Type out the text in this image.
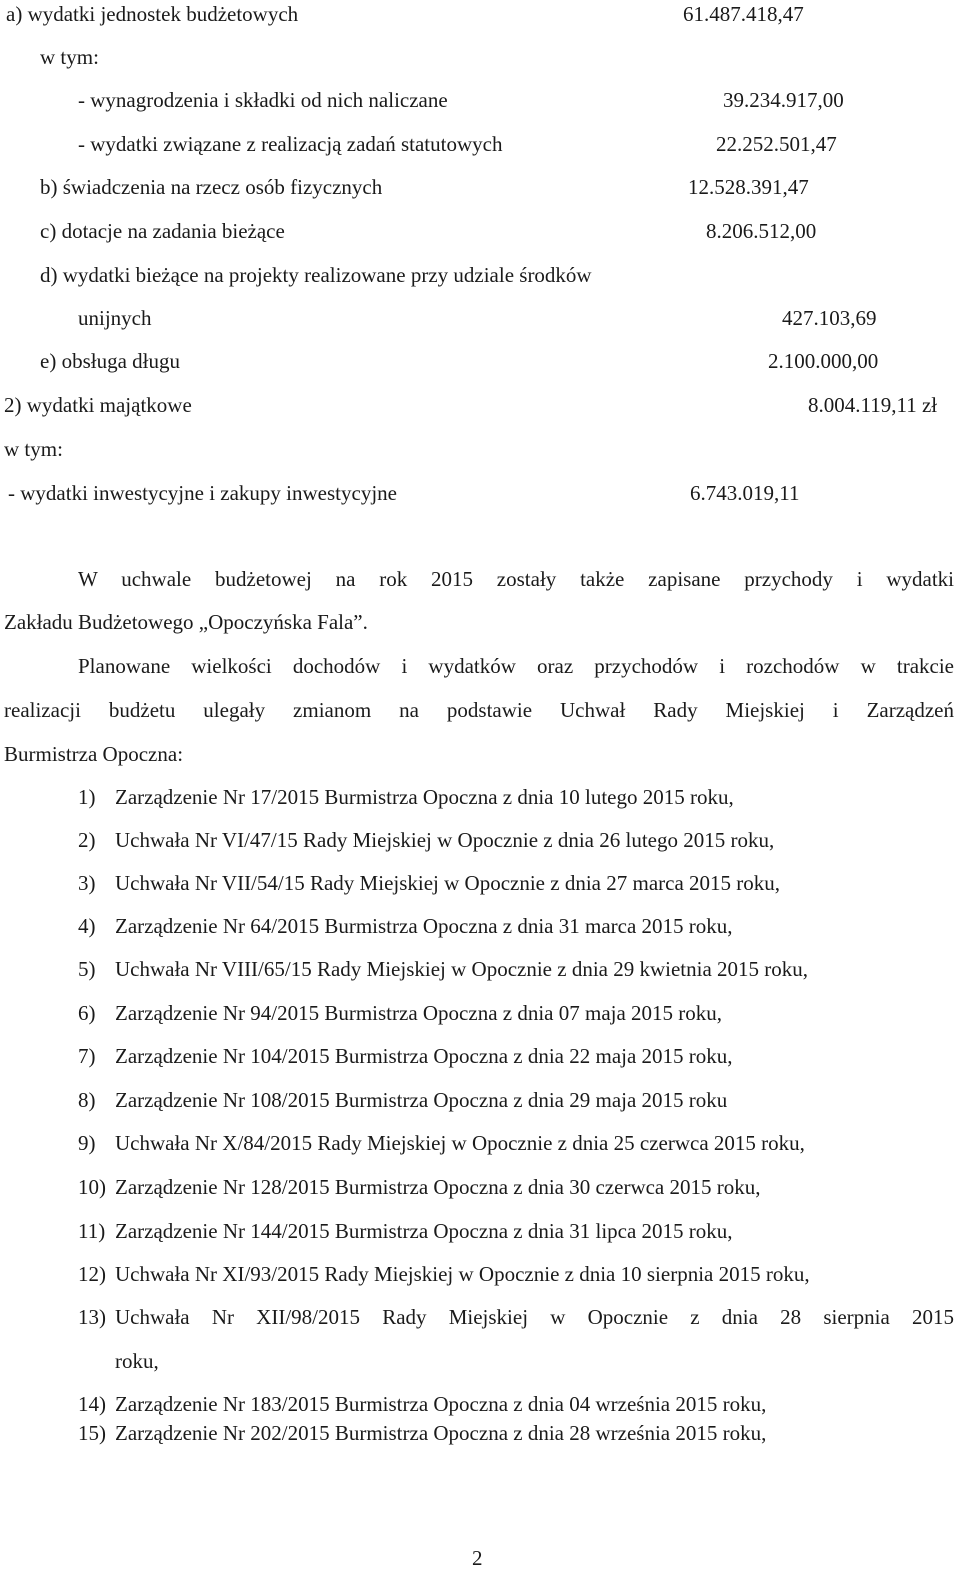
a) wydatki jednostek budżetowych	61.487.418,47
w tym:
- wynagrodzenia i składki od nich naliczane	39.234.917,00
- wydatki związane z realizacją zadań statutowych	22.252.501,47
b) świadczenia na rzecz osób fizycznych	12.528.391,47
c) dotacje na zadania bieżące	8.206.512,00
d) wydatki bieżące na projekty realizowane przy udziale środków
unijnych	427.103,69
e) obsługa długu	2.100.000,00
2) wydatki majątkowe	8.004.119,11 zł
w tym:
- wydatki inwestycyjne i zakupy inwestycyjne	6.743.019,11
W uchwale budżetowej na rok 2015 zostały także zapisane przychody i wydatki
Zakładu Budżetowego „Opoczyńska Fala”.
Planowane wielkości dochodów i wydatków oraz przychodów i rozchodów w trakcie
realizacji budżetu ulegały zmianom na podstawie Uchwał Rady Miejskiej i Zarządzeń
Burmistrza Opoczna:
1) Zarządzenie Nr 17/2015 Burmistrza Opoczna z dnia 10 lutego 2015 roku,
2) Uchwała Nr VI/47/15 Rady Miejskiej w Opocznie z dnia 26 lutego 2015 roku,
3) Uchwała Nr VII/54/15 Rady Miejskiej w Opocznie z dnia 27 marca 2015 roku,
4) Zarządzenie Nr 64/2015 Burmistrza Opoczna z dnia 31 marca 2015 roku,
5) Uchwała Nr VIII/65/15 Rady Miejskiej w Opocznie z dnia 29 kwietnia 2015 roku,
6) Zarządzenie Nr 94/2015 Burmistrza Opoczna z dnia 07 maja 2015 roku,
7) Zarządzenie Nr 104/2015 Burmistrza Opoczna z dnia 22 maja 2015 roku,
8) Zarządzenie Nr 108/2015 Burmistrza Opoczna z dnia 29 maja 2015 roku
9) Uchwała Nr X/84/2015 Rady Miejskiej w Opocznie z dnia 25 czerwca 2015 roku,
10) Zarządzenie Nr 128/2015 Burmistrza Opoczna z dnia 30 czerwca 2015 roku,
11) Zarządzenie Nr 144/2015 Burmistrza Opoczna z dnia 31 lipca 2015 roku,
12) Uchwała Nr XI/93/2015 Rady Miejskiej w Opocznie z dnia 10 sierpnia 2015 roku,
13) Uchwała Nr XII/98/2015 Rady Miejskiej w Opocznie z dnia 28 sierpnia 2015
roku,
14) Zarządzenie Nr 183/2015 Burmistrza Opoczna z dnia 04 września 2015 roku,
15) Zarządzenie Nr 202/2015 Burmistrza Opoczna z dnia 28 września 2015 roku,
2
